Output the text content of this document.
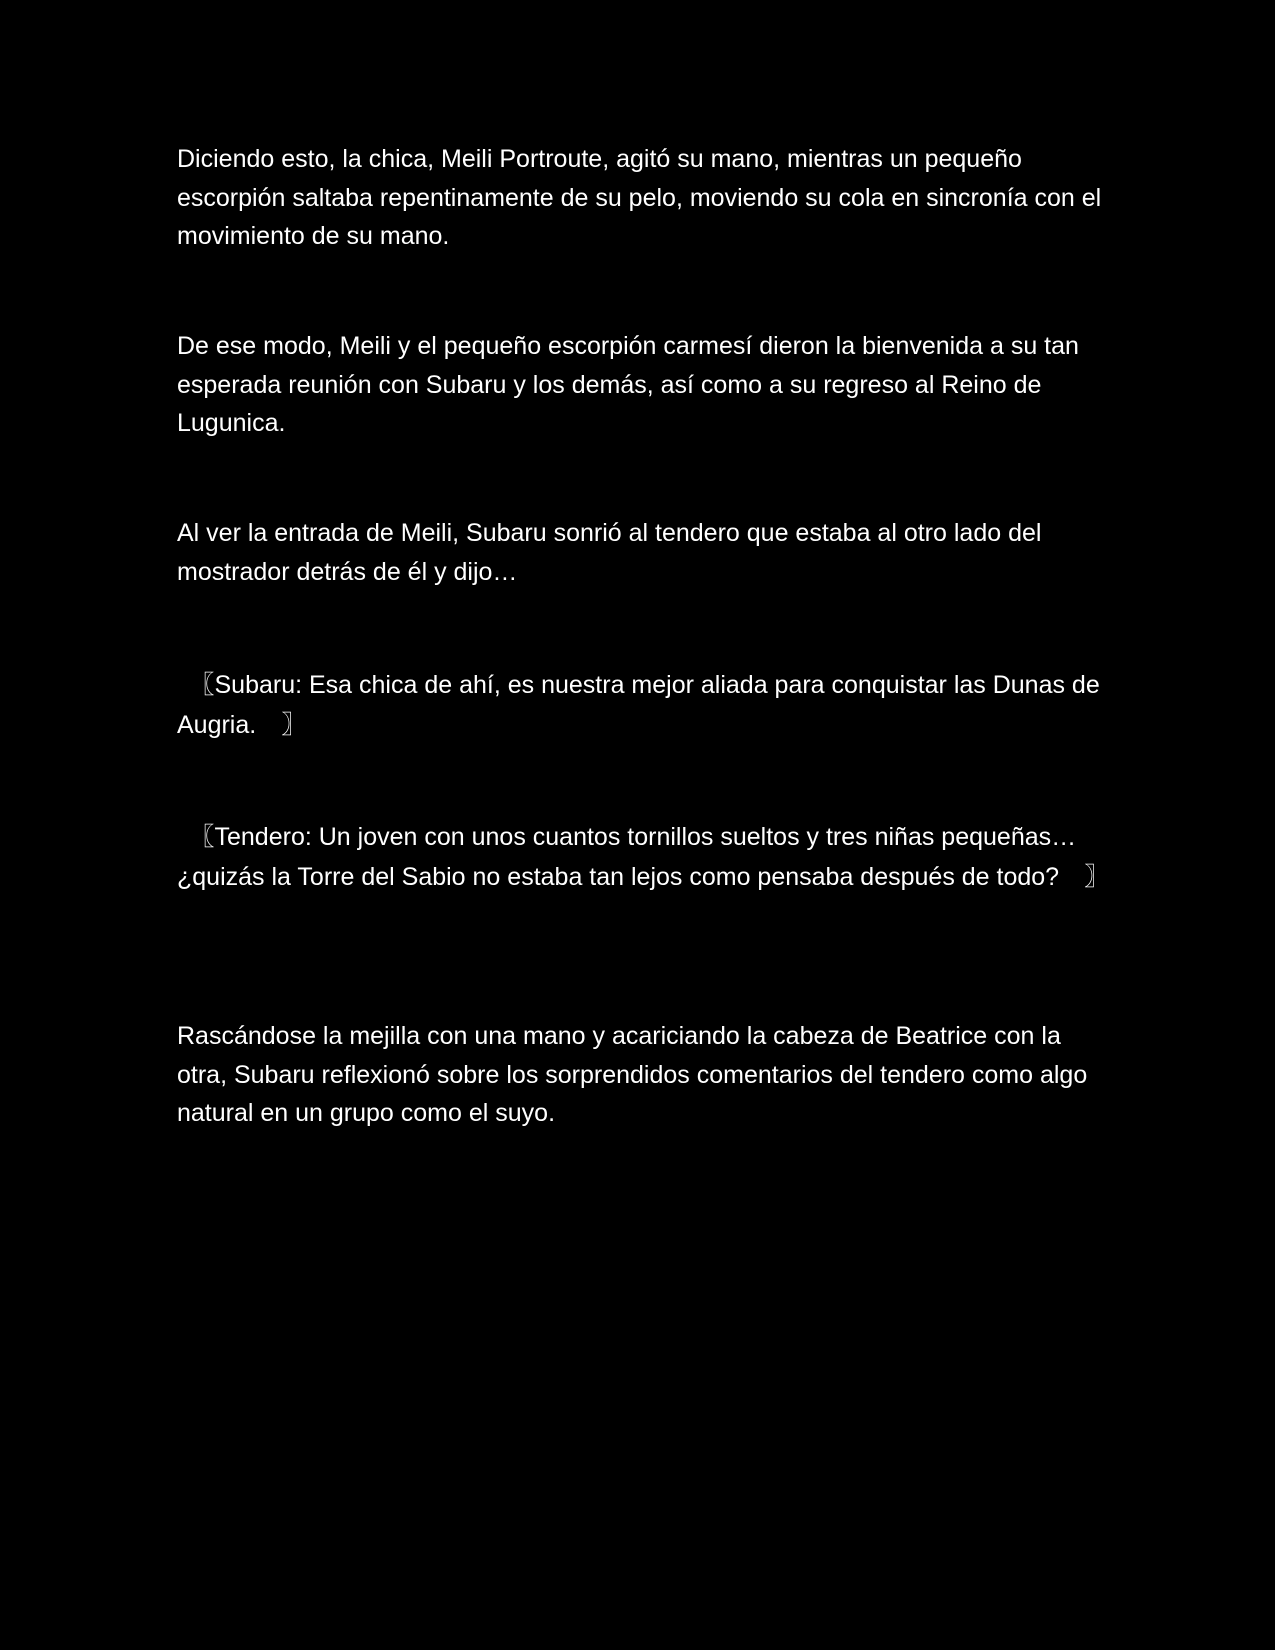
Diciendo esto, la chica, Meili Portroute, agitó su mano, mientras un pequeño escorpión saltaba repentinamente de su pelo, moviendo su cola en sincronía con el movimiento de su mano.

De ese modo, Meili y el pequeño escorpión carmesí dieron la bienvenida a su tan esperada reunión con Subaru y los demás, así como a su regreso al Reino de Lugunica.

Al ver la entrada de Meili, Subaru sonrió al tendero que estaba al otro lado del mostrador detrás de él y dijo…

　〖Subaru: Esa chica de ahí, es nuestra mejor aliada para conquistar las Dunas de Augria.　〗

　〖Tendero: Un joven con unos cuantos tornillos sueltos y tres niñas pequeñas… ¿quizás la Torre del Sabio no estaba tan lejos como pensaba después de todo?　〗

Rascándose la mejilla con una mano y acariciando la cabeza de Beatrice con la otra, Subaru reflexionó sobre los sorprendidos comentarios del tendero como algo natural en un grupo como el suyo.
